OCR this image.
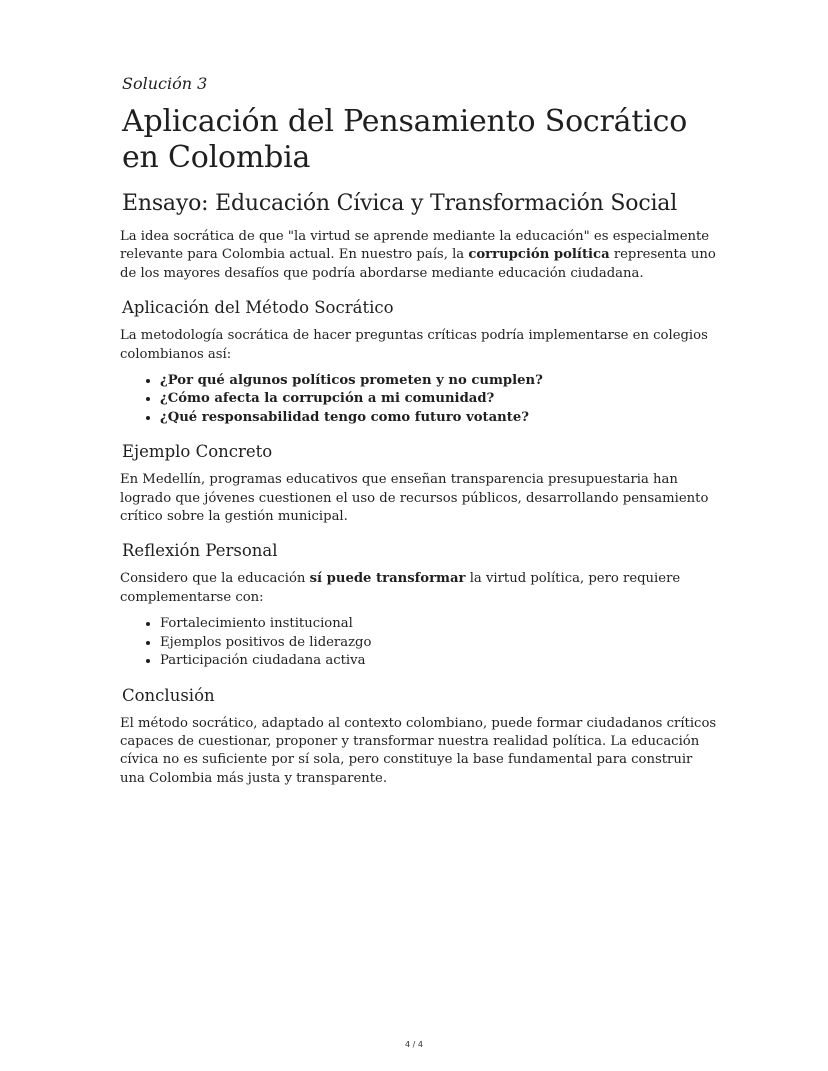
Solución 3
Aplicación del Pensamiento Socrático en Colombia
Ensayo: Educación Cívica y Transformación Social

La idea socrática de que "la virtud se aprende mediante la educación" es especialmente relevante para Colombia actual. En nuestro país, la corrupción política representa uno de los mayores desafíos que podría abordarse mediante educación ciudadana.

Aplicación del Método Socrático

La metodología socrática de hacer preguntas críticas podría implementarse en colegios colombianos así:

• ¿Por qué algunos políticos prometen y no cumplen?
• ¿Cómo afecta la corrupción a mi comunidad?
• ¿Qué responsabilidad tengo como futuro votante?
Ejemplo Concreto

En Medellín, programas educativos que enseñan transparencia presupuestaria han logrado que jóvenes cuestionen el uso de recursos públicos, desarrollando pensamiento crítico sobre la gestión municipal.

Reflexión Personal

Considero que la educación sí puede transformar la virtud política, pero requiere complementarse con:

• Fortalecimiento institucional
• Ejemplos positivos de liderazgo
• Participación ciudadana activa
Conclusión

El método socrático, adaptado al contexto colombiano, puede formar ciudadanos críticos capaces de cuestionar, proponer y transformar nuestra realidad política. La educación cívica no es suficiente por sí sola, pero constituye la base fundamental para construir una Colombia más justa y transparente.

4 / 4
